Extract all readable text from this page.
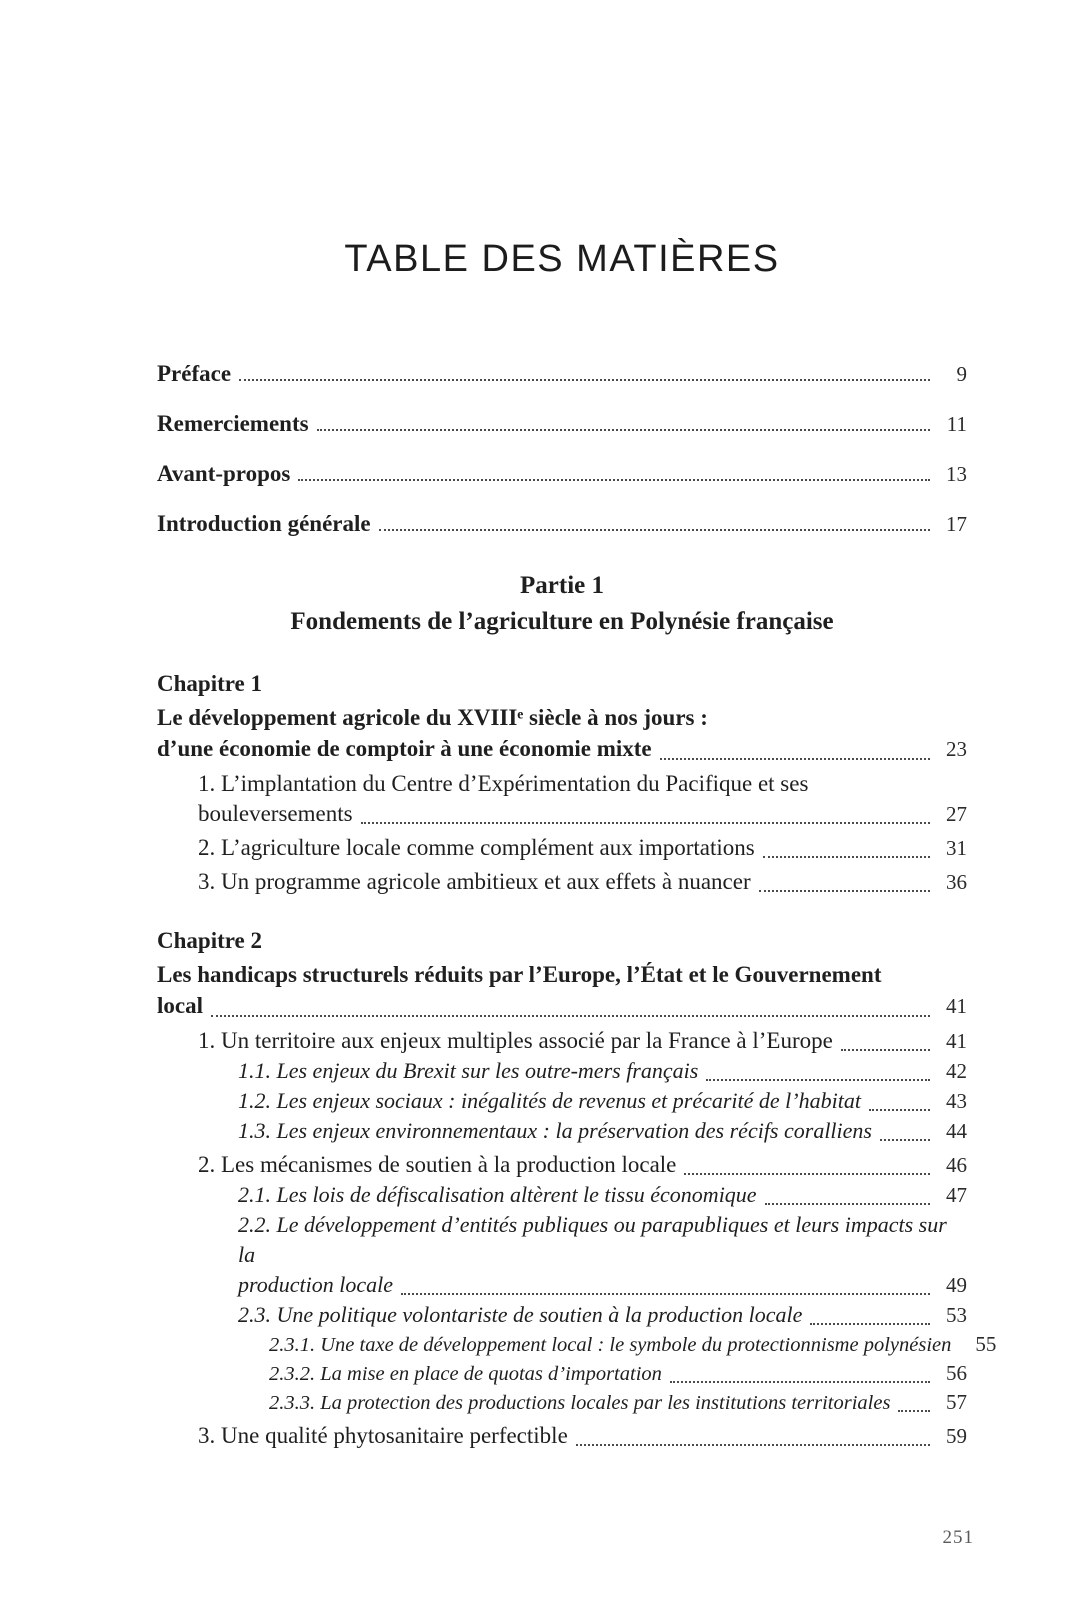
TABLE DES MATIÈRES
Préface	9
Remerciements	11
Avant-propos	13
Introduction générale	17
Partie 1
Fondements de l’agriculture en Polynésie française
Chapitre 1
Le développement agricole du XVIIIᵉ siècle à nos jours :
d’une économie de comptoir à une économie mixte	23
1. L’implantation du Centre d’Expérimentation du Pacifique et ses
bouleversements	27
2. L’agriculture locale comme complément aux importations	31
3. Un programme agricole ambitieux et aux effets à nuancer	36
Chapitre 2
Les handicaps structurels réduits par l’Europe, l’État et le Gouvernement
local	41
1. Un territoire aux enjeux multiples associé par la France à l’Europe	41
1.1. Les enjeux du Brexit sur les outre-mers français	42
1.2. Les enjeux sociaux : inégalités de revenus et précarité de l’habitat	43
1.3. Les enjeux environnementaux : la préservation des récifs coralliens	44
2. Les mécanismes de soutien à la production locale	46
2.1. Les lois de défiscalisation altèrent le tissu économique	47
2.2. Le développement d’entités publiques ou parapubliques et leurs impacts sur la
production locale	49
2.3. Une politique volontariste de soutien à la production locale	53
2.3.1. Une taxe de développement local : le symbole du protectionnisme polynésien	55
2.3.2. La mise en place de quotas d’importation	56
2.3.3. La protection des productions locales par les institutions territoriales	57
3. Une qualité phytosanitaire perfectible	59
251
